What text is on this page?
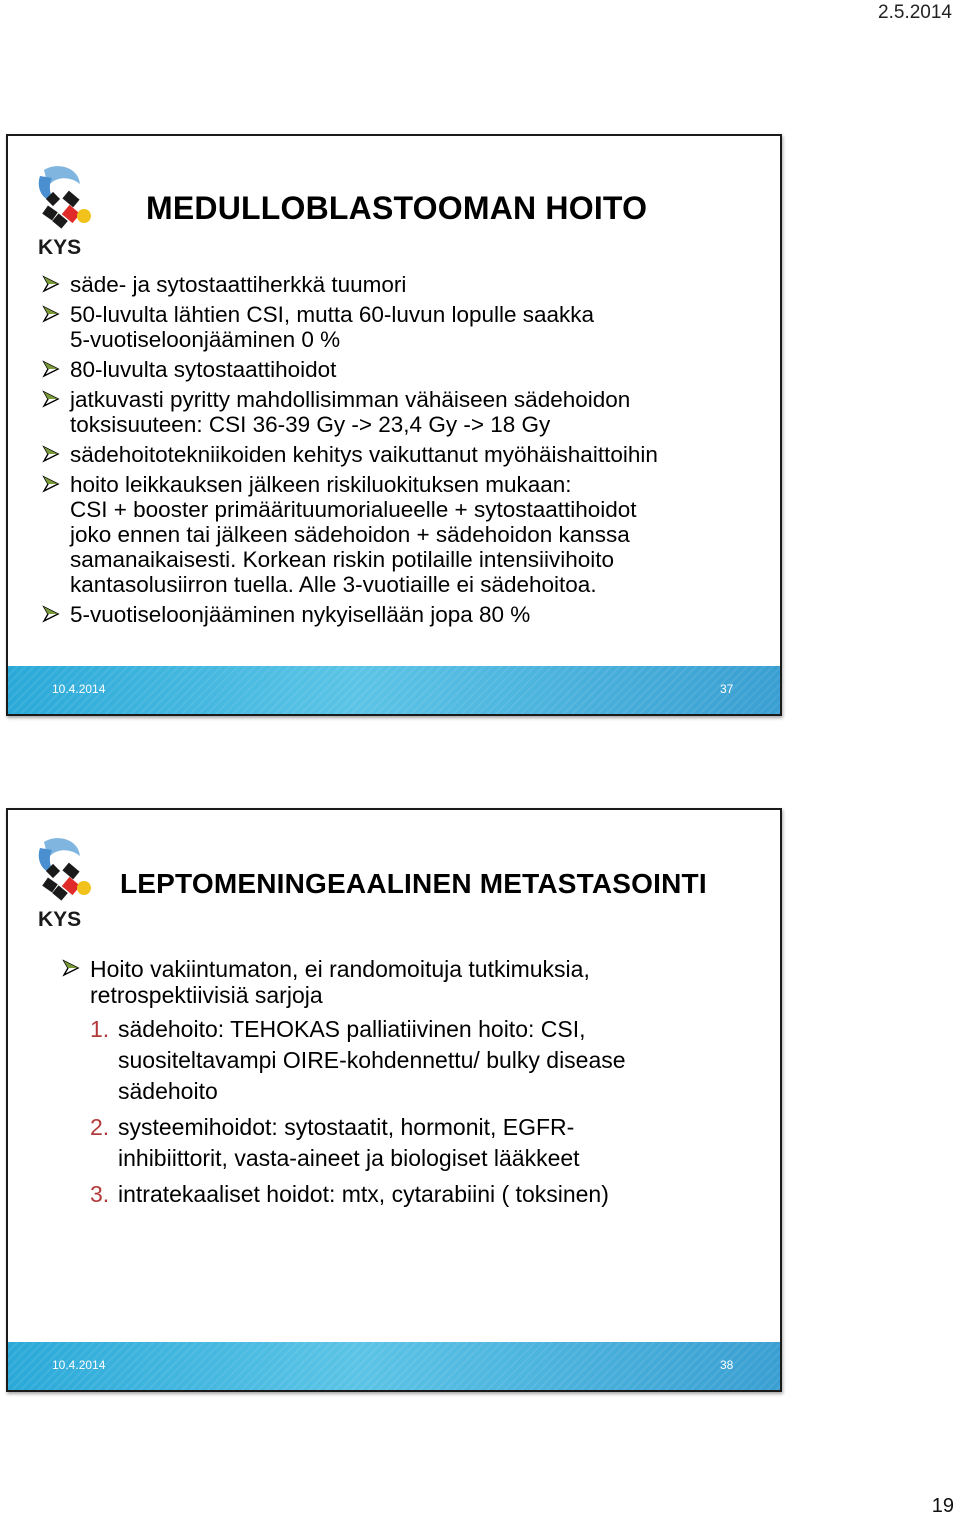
2.5.2014
KYS
MEDULLOBLASTOOMAN HOITO
säde- ja sytostaattiherkkä tuumori
50-luvulta lähtien CSI, mutta 60-luvun lopulle saakka
5-vuotiseloonjääminen 0 %
80-luvulta sytostaattihoidot
jatkuvasti pyritty mahdollisimman vähäiseen sädehoidon
toksisuuteen: CSI 36-39 Gy -> 23,4 Gy -> 18 Gy
sädehoitotekniikoiden kehitys vaikuttanut myöhäishaittoihin
hoito leikkauksen jälkeen riskiluokituksen mukaan:
CSI + booster primäärituumorialueelle + sytostaattihoidot
joko ennen tai jälkeen sädehoidon + sädehoidon kanssa
samanaikaisesti. Korkean riskin potilaille intensiivihoito
kantasolusiirron tuella. Alle 3-vuotiaille ei sädehoitoa.
5-vuotiseloonjääminen nykyisellään jopa 80 %
10.4.2014	37
KYS
LEPTOMENINGEAALINEN METASTASOINTI
Hoito vakiintumaton, ei randomoituja tutkimuksia,
retrospektiivisiä sarjoja
1. sädehoito: TEHOKAS palliatiivinen hoito: CSI,
suositeltavampi OIRE-kohdennettu/ bulky disease
sädehoito
2. systeemihoidot: sytostaatit, hormonit, EGFR-
inhibiittorit, vasta-aineet ja biologiset lääkkeet
3. intratekaaliset hoidot: mtx, cytarabiini ( toksinen)
10.4.2014	38
19
